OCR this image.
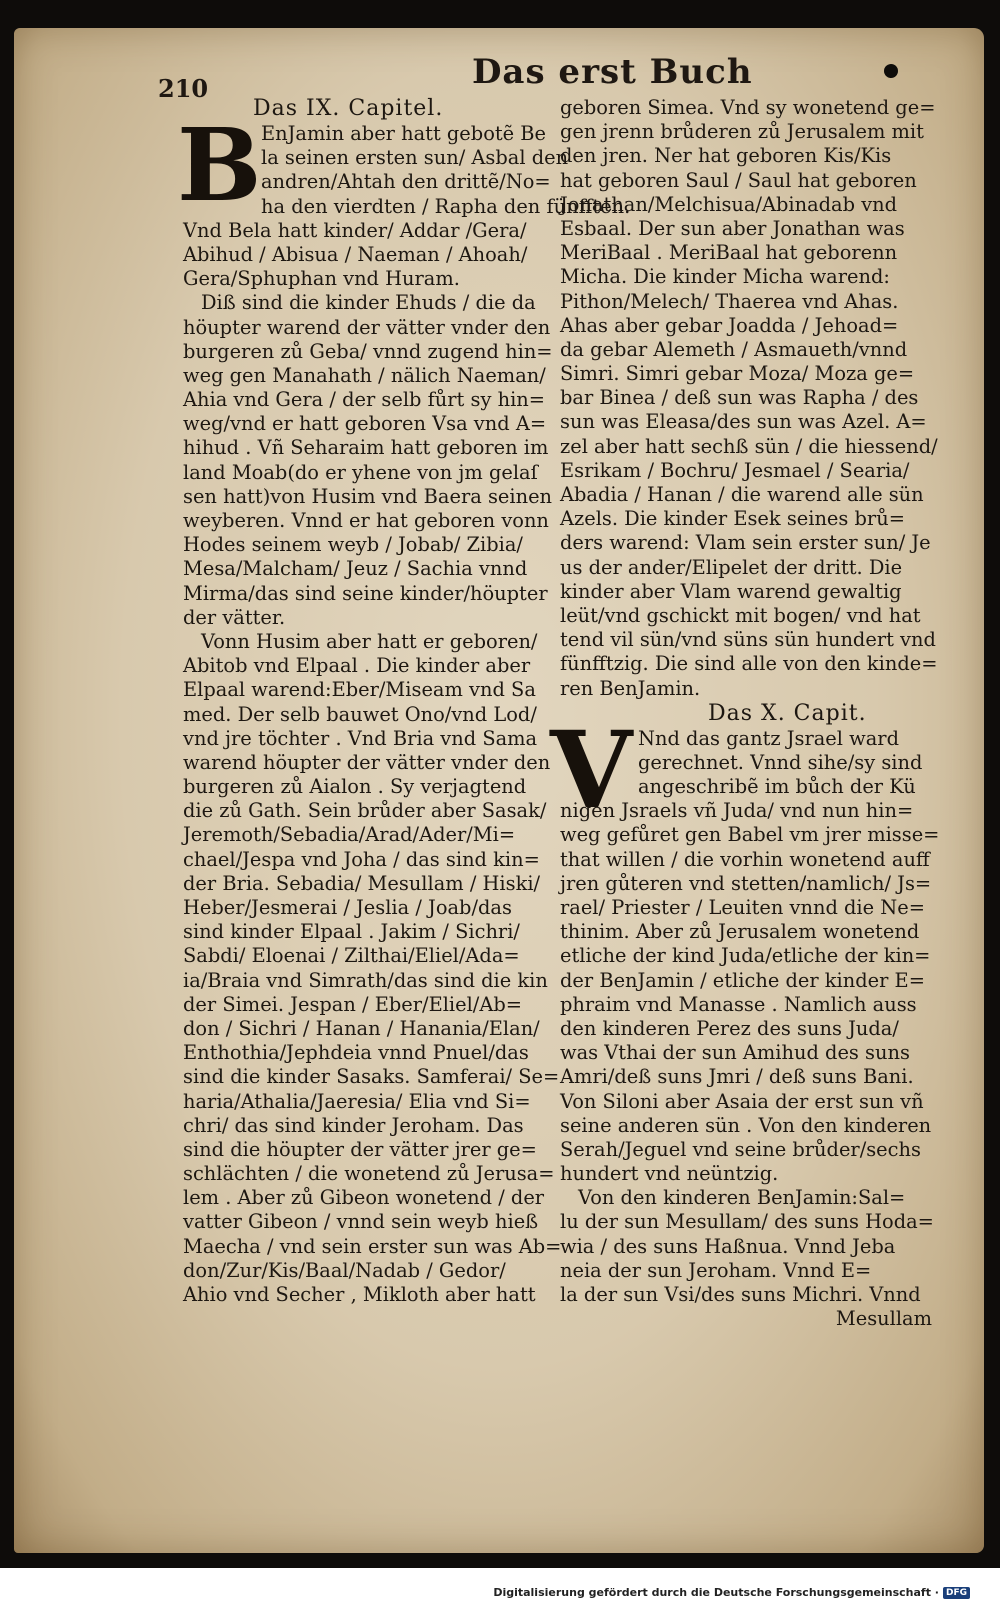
Das erst Buch
210
Das IX. Capitel.
B EnJamin aber hatt gebotẽ Be
la seinen ersten sun/ Asbal den
andren/Ahtah den drittẽ/No=
ha den vierdten / Rapha den fünfften.
Vnd Bela hatt kinder/ Addar /Gera/
Abihud / Abisua / Naeman / Ahoah/
Gera/Sphuphan vnd Huram.
Diß sind die kinder Ehuds / die da
höupter warend der vätter vnder den
burgeren zů Geba/ vnnd zugend hin=
weg gen Manahath / nälich Naeman/
Ahia vnd Gera / der selb fůrt sy hin=
weg/vnd er hatt geboren Vsa vnd A=
hihud . Vñ Seharaim hatt geboren im
land Moab(do er yhene von jm gelaſ
sen hatt)von Husim vnd Baera seinen
weyberen. Vnnd er hat geboren vonn
Hodes seinem weyb / Jobab/ Zibia/
Mesa/Malcham/ Jeuz / Sachia vnnd
Mirma/das sind seine kinder/höupter
der vätter.
Vonn Husim aber hatt er geboren/
Abitob vnd Elpaal . Die kinder aber
Elpaal warend:Eber/Miseam vnd Sa
med. Der selb bauwet Ono/vnd Lod/
vnd jre töchter . Vnd Bria vnd Sama
warend höupter der vätter vnder den
burgeren zů Aialon . Sy verjagtend
die zů Gath. Sein brůder aber Sasak/
Jeremoth/Sebadia/Arad/Ader/Mi=
chael/Jespa vnd Joha / das sind kin=
der Bria. Sebadia/ Mesullam / Hiski/
Heber/Jesmerai / Jeslia / Joab/das
sind kinder Elpaal . Jakim / Sichri/
Sabdi/ Eloenai / Zilthai/Eliel/Ada=
ia/Braia vnd Simrath/das sind die kin
der Simei. Jespan / Eber/Eliel/Ab=
don / Sichri / Hanan / Hanania/Elan/
Enthothia/Jephdeia vnnd Pnuel/das
sind die kinder Sasaks. Samferai/ Se=
haria/Athalia/Jaeresia/ Elia vnd Si=
chri/ das sind kinder Jeroham. Das
sind die höupter der vätter jrer ge=
schlächten / die wonetend zů Jerusa=
lem . Aber zů Gibeon wonetend / der
vatter Gibeon / vnnd sein weyb hieß
Maecha / vnd sein erster sun was Ab=
don/Zur/Kis/Baal/Nadab / Gedor/
Ahio vnd Secher , Mikloth aber hatt
geboren Simea. Vnd sy wonetend ge=
gen jrenn brůderen zů Jerusalem mit
den jren. Ner hat geboren Kis/Kis
hat geboren Saul / Saul hat geboren
Jonathan/Melchisua/Abinadab vnd
Esbaal. Der sun aber Jonathan was
MeriBaal . MeriBaal hat geborenn
Micha. Die kinder Micha warend:
Pithon/Melech/ Thaerea vnd Ahas.
Ahas aber gebar Joadda / Jehoad=
da gebar Alemeth / Asmaueth/vnnd
Simri. Simri gebar Moza/ Moza ge=
bar Binea / deß sun was Rapha / des
sun was Eleasa/des sun was Azel. A=
zel aber hatt sechß sün / die hiessend/
Esrikam / Bochru/ Jesmael / Searia/
Abadia / Hanan / die warend alle sün
Azels. Die kinder Esek seines brů=
ders warend: Vlam sein erster sun/ Je
us der ander/Elipelet der dritt. Die
kinder aber Vlam warend gewaltig
leüt/vnd gschickt mit bogen/ vnd hat
tend vil sün/vnd süns sün hundert vnd
fünfftzig. Die sind alle von den kinde=
ren BenJamin.
Das X. Capit.
V Nnd das gantz Jsrael ward
gerechnet. Vnnd sihe/sy sind
angeschribẽ im bůch der Kü
nigen Jsraels vñ Juda/ vnd nun hin=
weg gefůret gen Babel vm jrer misse=
that willen / die vorhin wonetend auff
jren gůteren vnd stetten/namlich/ Js=
rael/ Priester / Leuiten vnnd die Ne=
thinim. Aber zů Jerusalem wonetend
etliche der kind Juda/etliche der kin=
der BenJamin / etliche der kinder E=
phraim vnd Manasse . Namlich auss
den kinderen Perez des suns Juda/
was Vthai der sun Amihud des suns
Amri/deß suns Jmri / deß suns Bani.
Von Siloni aber Asaia der erst sun vñ
seine anderen sün . Von den kinderen
Serah/Jeguel vnd seine brůder/sechs
hundert vnd neüntzig.
Von den kinderen BenJamin:Sal=
lu der sun Mesullam/ des suns Hoda=
wia / des suns Haßnua. Vnnd Jeba
neia der sun Jeroham. Vnnd E=
la der sun Vsi/des suns Michri. Vnnd
Mesullam
Digitalisierung gefördert durch die Deutsche Forschungsgemeinschaft · DFG
